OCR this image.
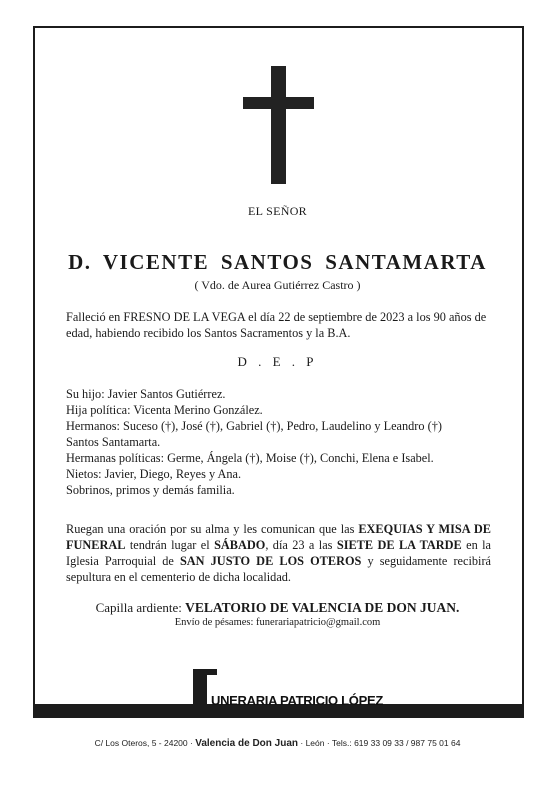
EL SEÑOR
D. VICENTE SANTOS SANTAMARTA
( Vdo. de Aurea Gutiérrez Castro )
Falleció en FRESNO DE LA VEGA el día 22 de septiembre de 2023 a los 90 años de edad, habiendo recibido los Santos Sacramentos y la B.A.
D . E . P
Su hijo: Javier Santos Gutiérrez.
Hija política: Vicenta Merino González.
Hermanos: Suceso (†), José (†), Gabriel (†), Pedro, Laudelino y Leandro (†)
Santos Santamarta.
Hermanas políticas: Germe, Ángela (†), Moise (†), Conchi, Elena e Isabel.
Nietos: Javier, Diego, Reyes y Ana.
Sobrinos, primos y demás familia.
Ruegan una oración por su alma y les comunican que las EXEQUIAS Y MISA DE FUNERAL tendrán lugar el SÁBADO, día 23 a las SIETE DE LA TARDE en la Iglesia Parroquial de SAN JUSTO DE LOS OTEROS y seguidamente recibirá sepultura en el cementerio de dicha localidad.
Capilla ardiente: VELATORIO DE VALENCIA DE DON JUAN.
Envío de pésames: funerariapatricio@gmail.com
UNERARIA PATRICIO LÓPEZ
C/ Los Oteros, 5 - 24200 · Valencia de Don Juan · León · Tels.: 619 33 09 33 / 987 75 01 64
